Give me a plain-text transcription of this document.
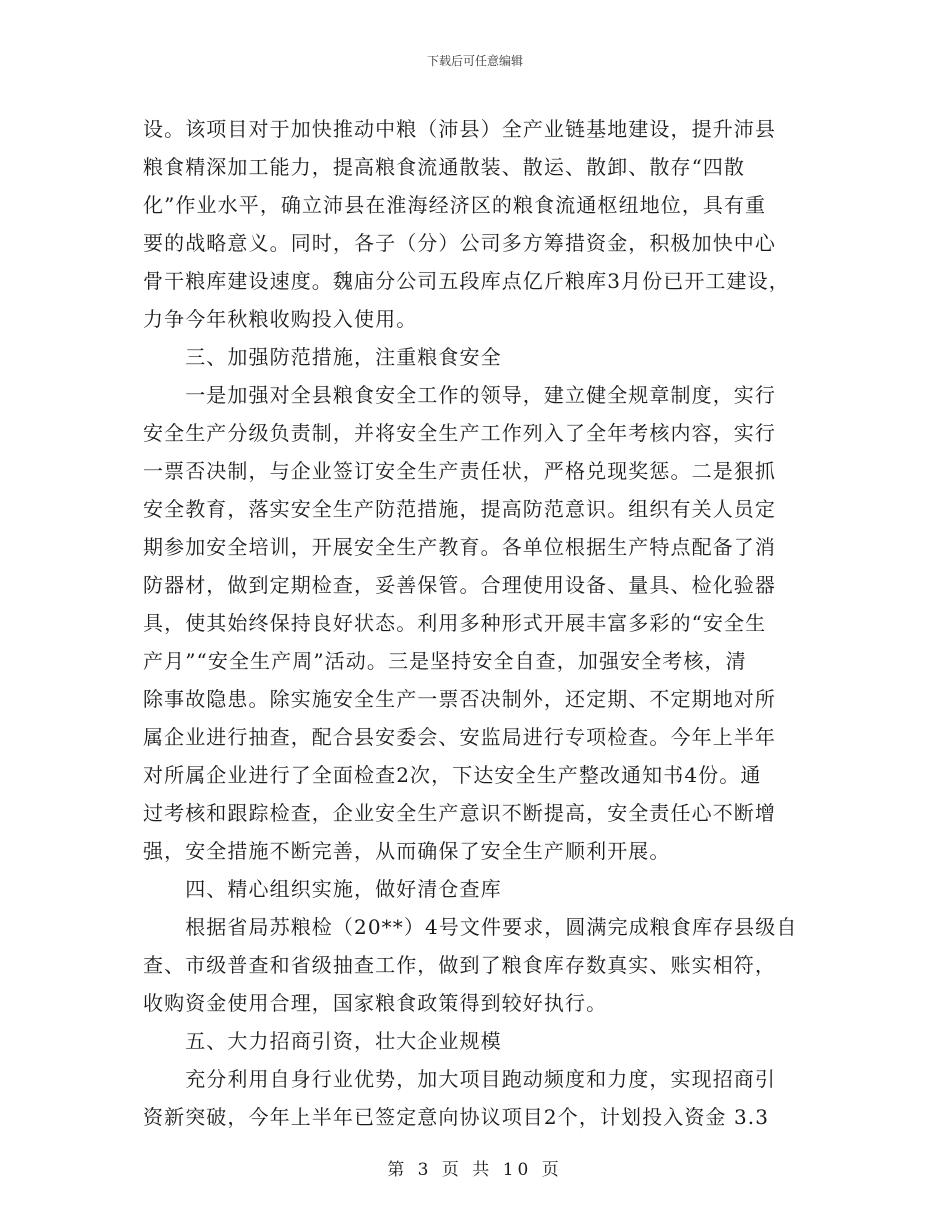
下载后可任意编辑
设。该项目对于加快推动中粮（沛县）全产业链基地建设，提升沛县
粮食精深加工能力，提高粮食流通散装、散运、散卸、散存“四散
化”作业水平，确立沛县在淮海经济区的粮食流通枢纽地位，具有重
要的战略意义。同时，各子（分）公司多方筹措资金，积极加快中心
骨干粮库建设速度。魏庙分公司五段库点亿斤粮库3月份已开工建设，
力争今年秋粮收购投入使用。
　　三、加强防范措施，注重粮食安全
　　一是加强对全县粮食安全工作的领导，建立健全规章制度，实行
安全生产分级负责制，并将安全生产工作列入了全年考核内容，实行
一票否决制，与企业签订安全生产责任状，严格兑现奖惩。二是狠抓
安全教育，落实安全生产防范措施，提高防范意识。组织有关人员定
期参加安全培训，开展安全生产教育。各单位根据生产特点配备了消
防器材，做到定期检查，妥善保管。合理使用设备、量具、检化验器
具，使其始终保持良好状态。利用多种形式开展丰富多彩的“安全生
产月”“安全生产周”活动。三是坚持安全自查，加强安全考核，清
除事故隐患。除实施安全生产一票否决制外，还定期、不定期地对所
属企业进行抽查，配合县安委会、安监局进行专项检查。今年上半年
对所属企业进行了全面检查2次，下达安全生产整改通知书4份。通
过考核和跟踪检查，企业安全生产意识不断提高，安全责任心不断增
强，安全措施不断完善，从而确保了安全生产顺利开展。
　　四、精心组织实施，做好清仓查库
　　根据省局苏粮检（20**）4号文件要求，圆满完成粮食库存县级自
查、市级普查和省级抽查工作，做到了粮食库存数真实、账实相符，
收购资金使用合理，国家粮食政策得到较好执行。
　　五、大力招商引资，壮大企业规模
　　充分利用自身行业优势，加大项目跑动频度和力度，实现招商引
资新突破，今年上半年已签定意向协议项目2个，计划投入资金 3.3
第 3 页 共 10 页
